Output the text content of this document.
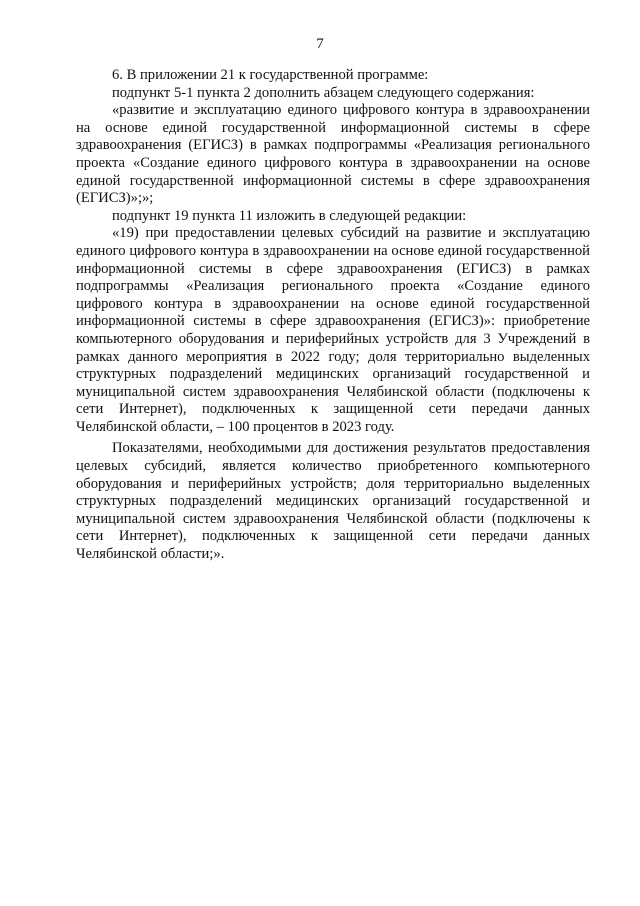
7

6. В приложении 21 к государственной программе:

подпункт 5-1 пункта 2 дополнить абзацем следующего содержания:

«развитие и эксплуатацию единого цифрового контура в здравоохранении на основе единой государственной информационной системы в сфере здравоохранения (ЕГИСЗ) в рамках подпрограммы «Реализация регионального проекта «Создание единого цифрового контура в здравоохранении на основе единой государственной информационной системы в сфере здравоохранения (ЕГИСЗ)»;»;

подпункт 19 пункта 11 изложить в следующей редакции:

«19) при предоставлении целевых субсидий на развитие и эксплуатацию единого цифрового контура в здравоохранении на основе единой государственной информационной системы в сфере здравоохранения (ЕГИСЗ) в рамках подпрограммы «Реализация регионального проекта «Создание единого цифрового контура в здравоохранении на основе единой государственной информационной системы в сфере здравоохранения (ЕГИСЗ)»: приобретение компьютерного оборудования и периферийных устройств для 3 Учреждений в рамках данного мероприятия в 2022 году; доля территориально выделенных структурных подразделений медицинских организаций государственной и муниципальной систем здравоохранения Челябинской области (подключены к сети Интернет), подключенных к защищенной сети передачи данных Челябинской области, – 100 процентов в 2023 году.

Показателями, необходимыми для достижения результатов предоставления целевых субсидий, является количество приобретенного компьютерного оборудования и периферийных устройств; доля территориально выделенных структурных подразделений медицинских организаций государственной и муниципальной систем здравоохранения Челябинской области (подключены к сети Интернет), подключенных к защищенной сети передачи данных Челябинской области;».
